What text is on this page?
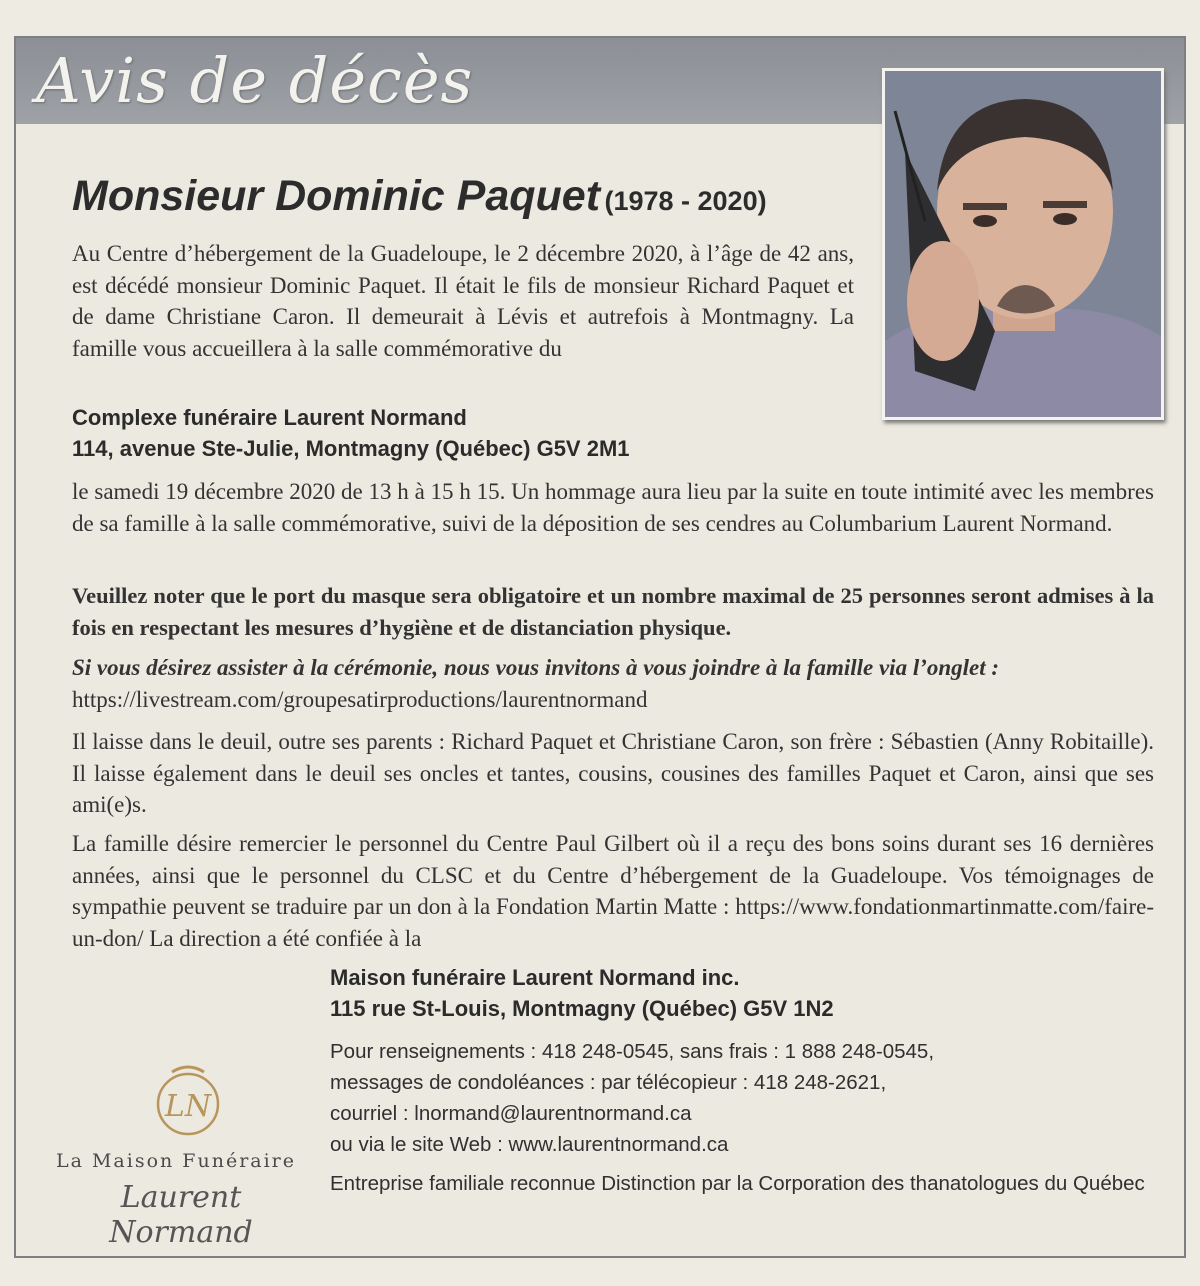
Avis de décès
Monsieur Dominic Paquet (1978 - 2020)
Au Centre d’hébergement de la Guadeloupe, le 2 décembre 2020, à l’âge de 42 ans, est décédé monsieur Dominic Paquet. Il était le fils de monsieur Richard Paquet et de dame Christiane Caron. Il demeurait à Lévis et autrefois à Montmagny. La famille vous accueillera à la salle commémorative du
Complexe funéraire Laurent Normand
114, avenue Ste-Julie, Montmagny (Québec) G5V 2M1
le samedi 19 décembre 2020 de 13 h à 15 h 15. Un hommage aura lieu par la suite en toute intimité avec les membres de sa famille à la salle commémorative, suivi de la déposition de ses cendres au Columbarium Laurent Normand.
Veuillez noter que le port du masque sera obligatoire et un nombre maximal de 25 personnes seront admises à la fois en respectant les mesures d’hygiène et de distanciation physique.
Si vous désirez assister à la cérémonie, nous vous invitons à vous joindre à la famille via l’onglet :
https://livestream.com/groupesatirproductions/laurentnormand
Il laisse dans le deuil, outre ses parents : Richard Paquet et Christiane Caron, son frère : Sébastien (Anny Robitaille). Il laisse également dans le deuil ses oncles et tantes, cousins, cousines des familles Paquet et Caron, ainsi que ses ami(e)s.
La famille désire remercier le personnel du Centre Paul Gilbert où il a reçu des bons soins durant ses 16 dernières années, ainsi que le personnel du CLSC et du Centre d’hébergement de la Guadeloupe. Vos témoignages de sympathie peuvent se traduire par un don à la Fondation Martin Matte : https://www.fondationmartinmatte.com/faire-un-don/ La direction a été confiée à la
Maison funéraire Laurent Normand inc.
115 rue St-Louis, Montmagny (Québec) G5V 1N2
Pour renseignements : 418 248-0545, sans frais : 1 888 248-0545,
messages de condoléances : par télécopieur : 418 248-2621,
courriel : lnormand@laurentnormand.ca
ou via le site Web : www.laurentnormand.ca
Entreprise familiale reconnue Distinction par la Corporation des thanatologues du Québec
LN
La Maison Funéraire
Laurent Normand
